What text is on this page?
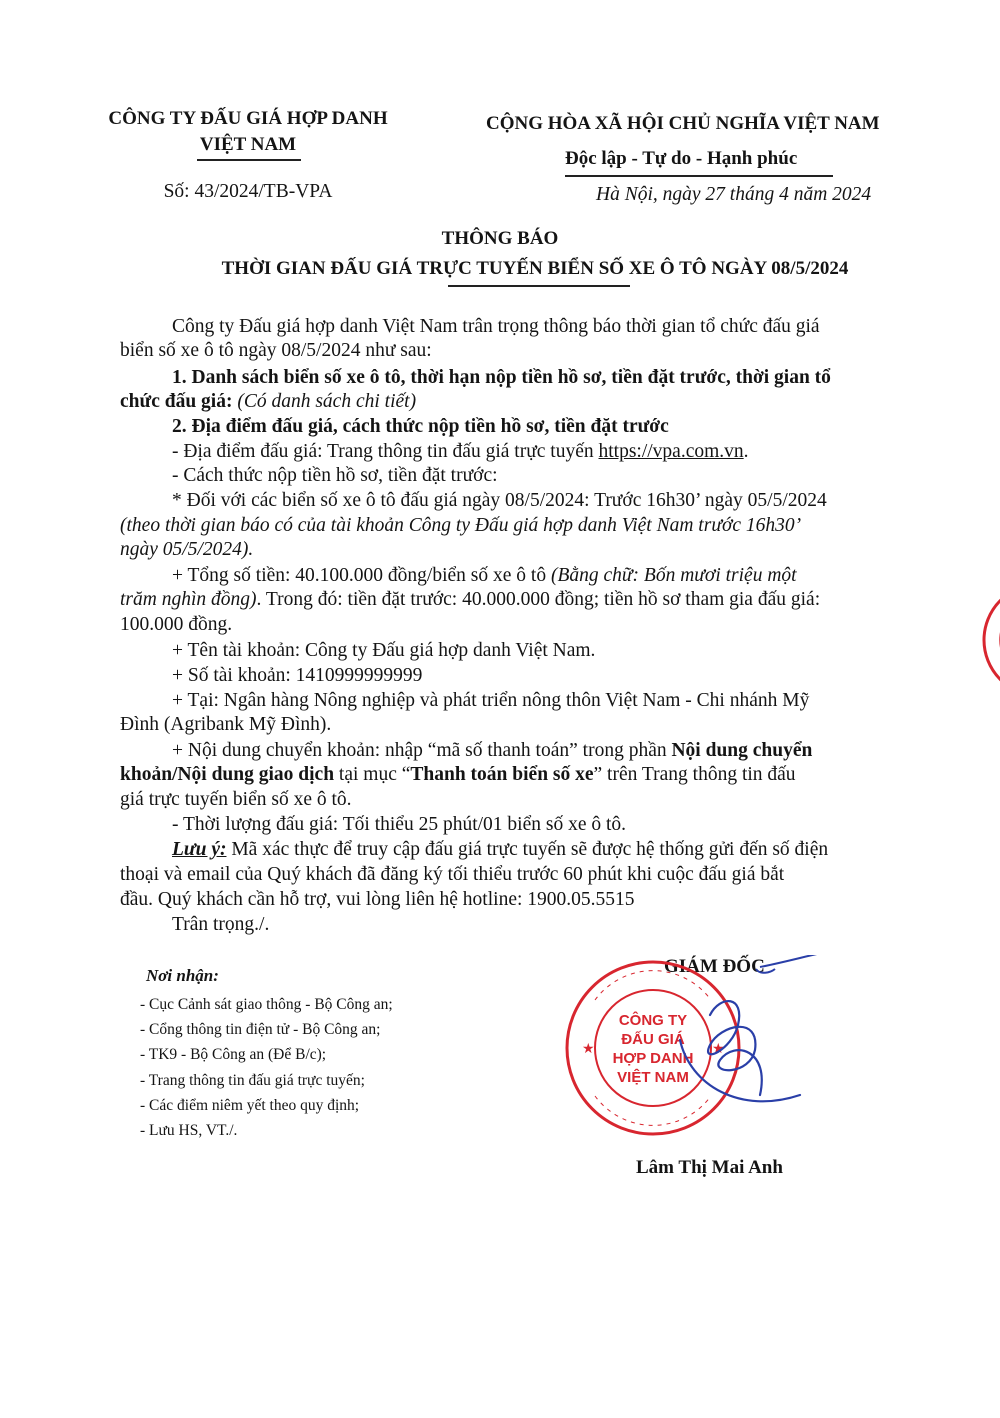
CÔNG TY ĐẤU GIÁ HỢP DANH
VIỆT NAM
Số: 43/2024/TB-VPA
CỘNG HÒA XÃ HỘI CHỦ NGHĨA VIỆT NAM
Độc lập - Tự do - Hạnh phúc
Hà Nội, ngày 27 tháng 4 năm 2024
THÔNG BÁO
THỜI GIAN ĐẤU GIÁ TRỰC TUYẾN BIỂN SỐ XE Ô TÔ NGÀY 08/5/2024
Công ty Đấu giá hợp danh Việt Nam trân trọng thông báo thời gian tổ chức đấu giá
biển số xe ô tô ngày 08/5/2024 như sau:
1. Danh sách biển số xe ô tô, thời hạn nộp tiền hồ sơ, tiền đặt trước, thời gian tổ
chức đấu giá: (Có danh sách chi tiết)
2. Địa điểm đấu giá, cách thức nộp tiền hồ sơ, tiền đặt trước
- Địa điểm đấu giá: Trang thông tin đấu giá trực tuyến https://vpa.com.vn.
- Cách thức nộp tiền hồ sơ, tiền đặt trước:
* Đối với các biển số xe ô tô đấu giá ngày 08/5/2024: Trước 16h30’ ngày 05/5/2024
(theo thời gian báo có của tài khoản Công ty Đấu giá hợp danh Việt Nam trước 16h30’
ngày 05/5/2024).
+ Tổng số tiền: 40.100.000 đồng/biển số xe ô tô (Bằng chữ: Bốn mươi triệu một
trăm nghìn đồng). Trong đó: tiền đặt trước: 40.000.000 đồng; tiền hồ sơ tham gia đấu giá:
100.000 đồng.
+ Tên tài khoản: Công ty Đấu giá hợp danh Việt Nam.
+ Số tài khoản: 1410999999999
+ Tại: Ngân hàng Nông nghiệp và phát triển nông thôn Việt Nam - Chi nhánh Mỹ
Đình (Agribank Mỹ Đình).
+ Nội dung chuyển khoản: nhập “mã số thanh toán” trong phần Nội dung chuyển
khoản/Nội dung giao dịch tại mục “Thanh toán biển số xe” trên Trang thông tin đấu
giá trực tuyến biển số xe ô tô.
- Thời lượng đấu giá: Tối thiểu 25 phút/01 biển số xe ô tô.
Lưu ý: Mã xác thực để truy cập đấu giá trực tuyến sẽ được hệ thống gửi đến số điện
thoại và email của Quý khách đã đăng ký tối thiểu trước 60 phút khi cuộc đấu giá bắt
đầu. Quý khách cần hỗ trợ, vui lòng liên hệ hotline: 1900.05.5515
Trân trọng./.
Nơi nhận:
- Cục Cảnh sát giao thông - Bộ Công an;
- Cổng thông tin điện tử - Bộ Công an;
- TK9 - Bộ Công an (Để B/c);
- Trang thông tin đấu giá trực tuyến;
- Các điểm niêm yết theo quy định;
- Lưu HS, VT./.
GIÁM ĐỐC
CÔNG TY
ĐẤU GIÁ
HỢP DANH
VIỆT NAM
★	★
Lâm Thị Mai Anh
